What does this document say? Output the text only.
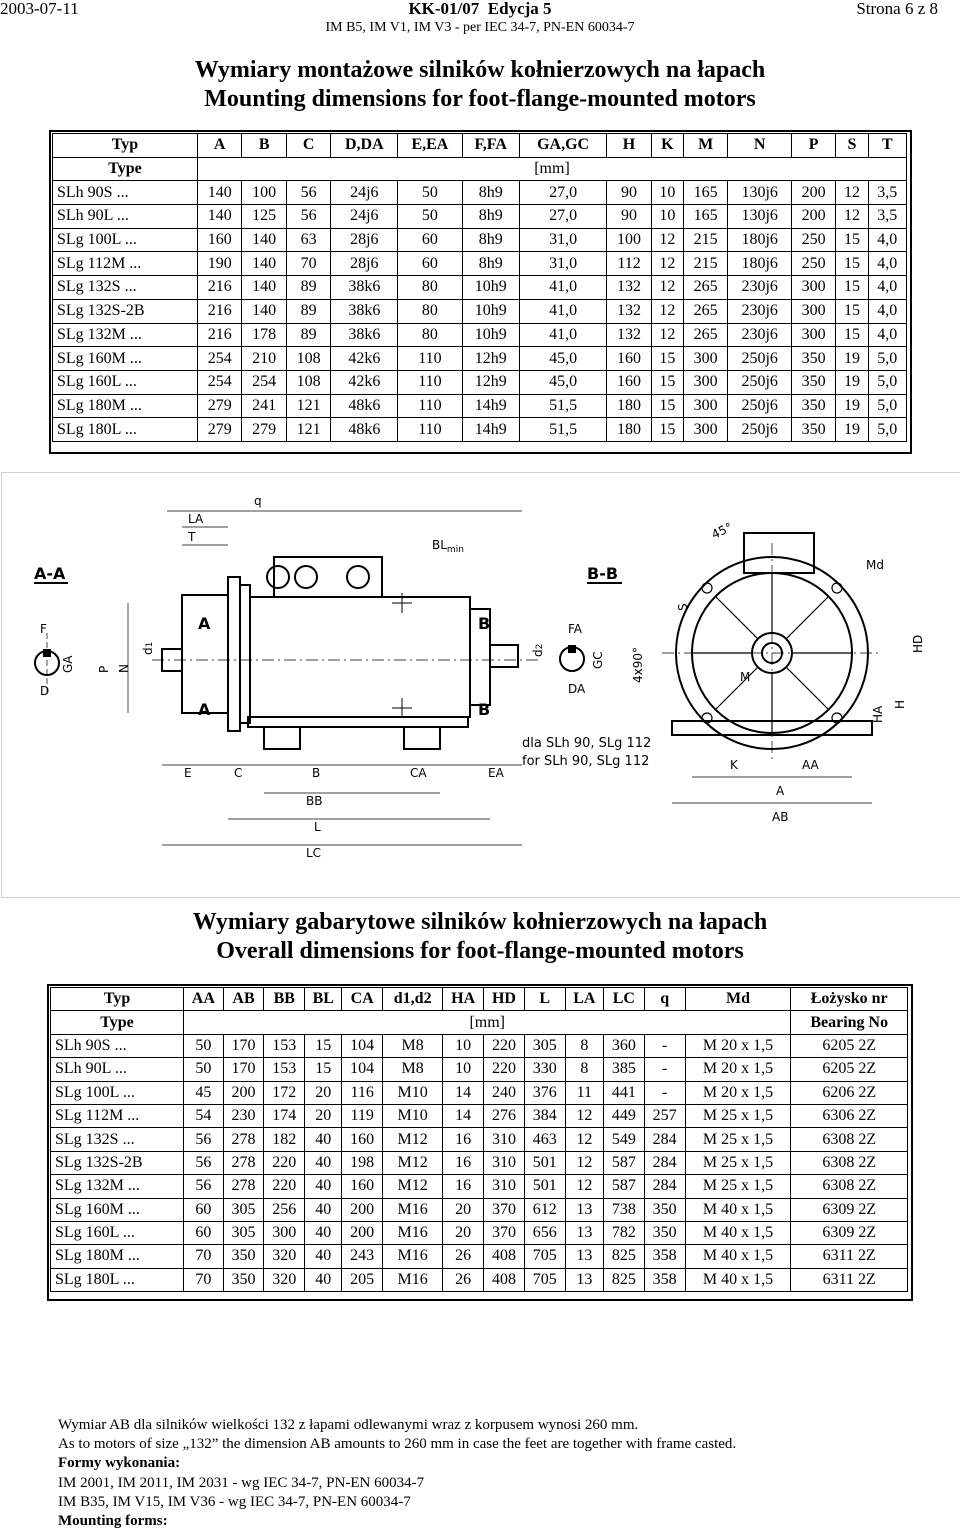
2003-07-11	KK-01/07 Edycja 5
IM B5, IM V1, IM V3 - per IEC 34-7, PN-EN 60034-7
Strona 6 z 8
Wymiary montażowe silników kołnierzowych na łapach
Mounting dimensions for foot-flange-mounted motors
Typ	A	B	C	D,DA	E,EA	F,FA	GA,GC	H	K	M	N	P	S	T
Type	[mm]													
SLh 90S ...	140	100	56	24j6	50	8h9	27,0	90	10	165	130j6	200	12	3,5
SLh 90L ...	140	125	56	24j6	50	8h9	27,0	90	10	165	130j6	200	12	3,5
SLg 100L ...	160	140	63	28j6	60	8h9	31,0	100	12	215	180j6	250	15	4,0
SLg 112M ...	190	140	70	28j6	60	8h9	31,0	112	12	215	180j6	250	15	4,0
SLg 132S ...	216	140	89	38k6	80	10h9	41,0	132	12	265	230j6	300	15	4,0
SLg 132S-2B	216	140	89	38k6	80	10h9	41,0	132	12	265	230j6	300	15	4,0
SLg 132M ...	216	178	89	38k6	80	10h9	41,0	132	12	265	230j6	300	15	4,0
SLg 160M ...	254	210	108	42k6	110	12h9	45,0	160	15	300	250j6	350	19	5,0
SLg 160L ...	254	254	108	42k6	110	12h9	45,0	160	15	300	250j6	350	19	5,0
SLg 180M ...	279	241	121	48k6	110	14h9	51,5	180	15	300	250j6	350	19	5,0
SLg 180L ...	279	279	121	48k6	110	14h9	51,5	180	15	300	250j6	350	19	5,0
A-A	B-B
F
D
GA
A
A
B
B
q
LA
T
$BL_{min}$
P N
d1
FA
DA
GC
d2
E	C	B	CA	EA
BB
L
LC
45°
Md
S
4x90°	M
HD
HA
H
K	AA
A
AB
dla SLh 90, SLg 112
for SLh 90, SLg 112
Wymiary gabarytowe silników kołnierzowych na łapach
Overall dimensions for foot-flange-mounted motors
Typ	AA	AB	BB	BL	CA	d1,d2	HA	HD	L	LA	LC	q	Md	Łożysko nr
Type	[mm]													Bearing No
SLh 90S ...	50	170	153	15	104	M8	10	220	305	8	360	-	M 20 x 1,5	6205 2Z
SLh 90L ...	50	170	153	15	104	M8	10	220	330	8	385	-	M 20 x 1,5	6205 2Z
SLg 100L ...	45	200	172	20	116	M10	14	240	376	11	441	-	M 20 x 1,5	6206 2Z
SLg 112M ...	54	230	174	20	119	M10	14	276	384	12	449	257	M 25 x 1,5	6306 2Z
SLg 132S ...	56	278	182	40	160	M12	16	310	463	12	549	284	M 25 x 1,5	6308 2Z
SLg 132S-2B	56	278	220	40	198	M12	16	310	501	12	587	284	M 25 x 1,5	6308 2Z
SLg 132M ...	56	278	220	40	160	M12	16	310	501	12	587	284	M 25 x 1,5	6308 2Z
SLg 160M ...	60	305	256	40	200	M16	20	370	612	13	738	350	M 40 x 1,5	6309 2Z
SLg 160L ...	60	305	300	40	200	M16	20	370	656	13	782	350	M 40 x 1,5	6309 2Z
SLg 180M ...	70	350	320	40	243	M16	26	408	705	13	825	358	M 40 x 1,5	6311 2Z
SLg 180L ...	70	350	320	40	205	M16	26	408	705	13	825	358	M 40 x 1,5	6311 2Z
Wymiar AB dla silników wielkości 132 z łapami odlewanymi wraz z korpusem wynosi 260 mm.
As to motors of size „132” the dimension AB amounts to 260 mm in case the feet are together with frame casted.
Formy wykonania:
IM 2001, IM 2011, IM 2031 - wg IEC 34-7, PN-EN 60034-7
IM B35, IM V15, IM V36 - wg IEC 34-7, PN-EN 60034-7
Mounting forms:
